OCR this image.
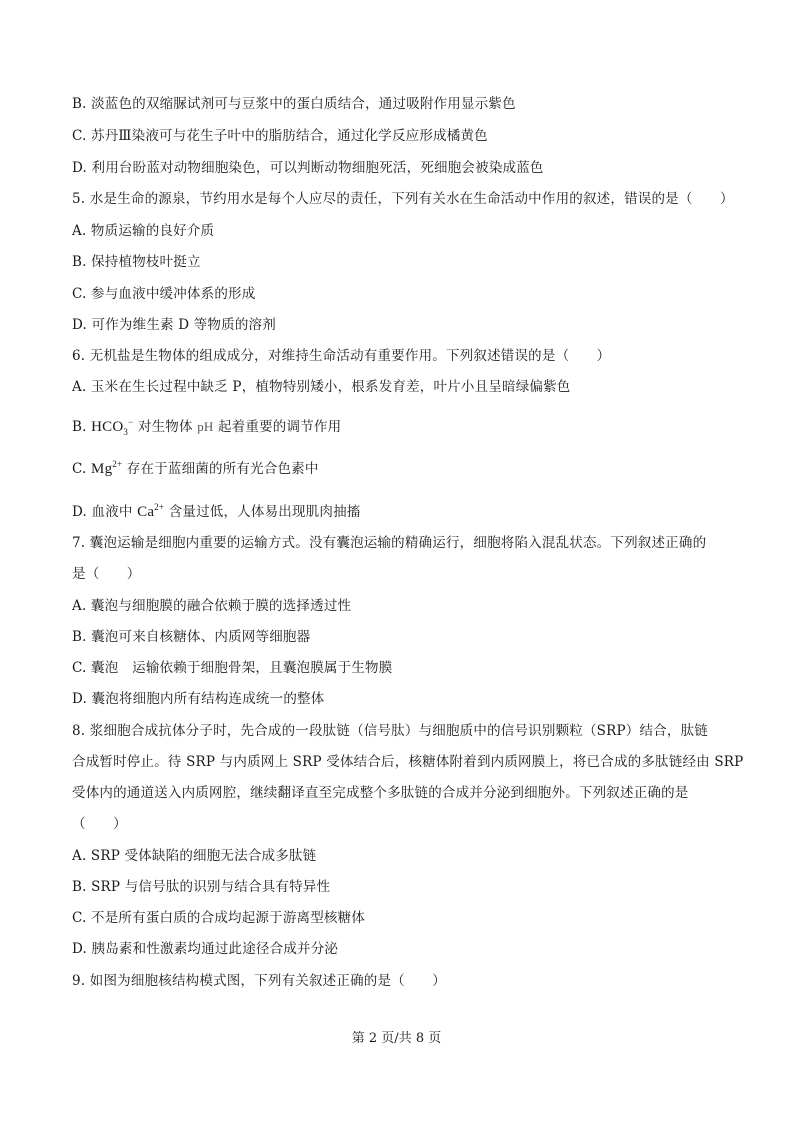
B. 淡蓝色的双缩脲试剂可与豆浆中的蛋白质结合，通过吸附作用显示紫色
C. 苏丹Ⅲ染液可与花生子叶中的脂肪结合，通过化学反应形成橘黄色
D. 利用台盼蓝对动物细胞染色，可以判断动物细胞死活，死细胞会被染成蓝色
5. 水是生命的源泉，节约用水是每个人应尽的责任，下列有关水在生命活动中作用的叙述，错误的是（　　）
A. 物质运输的良好介质
B. 保持植物枝叶挺立
C. 参与血液中缓冲体系的形成
D. 可作为维生素 D 等物质的溶剂
6. 无机盐是生物体的组成成分，对维持生命活动有重要作用。下列叙述错误的是（　　）
A. 玉米在生长过程中缺乏 P，植物特别矮小，根系发育差，叶片小且呈暗绿偏紫色
B. $HCO_3^-$ 对生物体 pH 起着重要的调节作用
C. $Mg^{2+}$ 存在于蓝细菌的所有光合色素中
D. 血液中 $Ca^{2+}$ 含量过低，人体易出现肌肉抽搐
7. 囊泡运输是细胞内重要的运输方式。没有囊泡运输的精确运行，细胞将陷入混乱状态。下列叙述正确的
是（　　）
A. 囊泡与细胞膜的融合依赖于膜的选择透过性
B. 囊泡可来自核糖体、内质网等细胞器
C. 囊泡　运输依赖于细胞骨架，且囊泡膜属于生物膜
D. 囊泡将细胞内所有结构连成统一的整体
8. 浆细胞合成抗体分子时，先合成的一段肽链（信号肽）与细胞质中的信号识别颗粒（SRP）结合，肽链
合成暂时停止。待 SRP 与内质网上 SRP 受体结合后，核糖体附着到内质网膜上，将已合成的多肽链经由 SRP
受体内的通道送入内质网腔，继续翻译直至完成整个多肽链的合成并分泌到细胞外。下列叙述正确的是
（　　）
A. SRP 受体缺陷的细胞无法合成多肽链
B. SRP 与信号肽的识别与结合具有特异性
C. 不是所有蛋白质的合成均起源于游离型核糖体
D. 胰岛素和性激素均通过此途径合成并分泌
9. 如图为细胞核结构模式图，下列有关叙述正确的是（　　）
第 2 页/共 8 页
